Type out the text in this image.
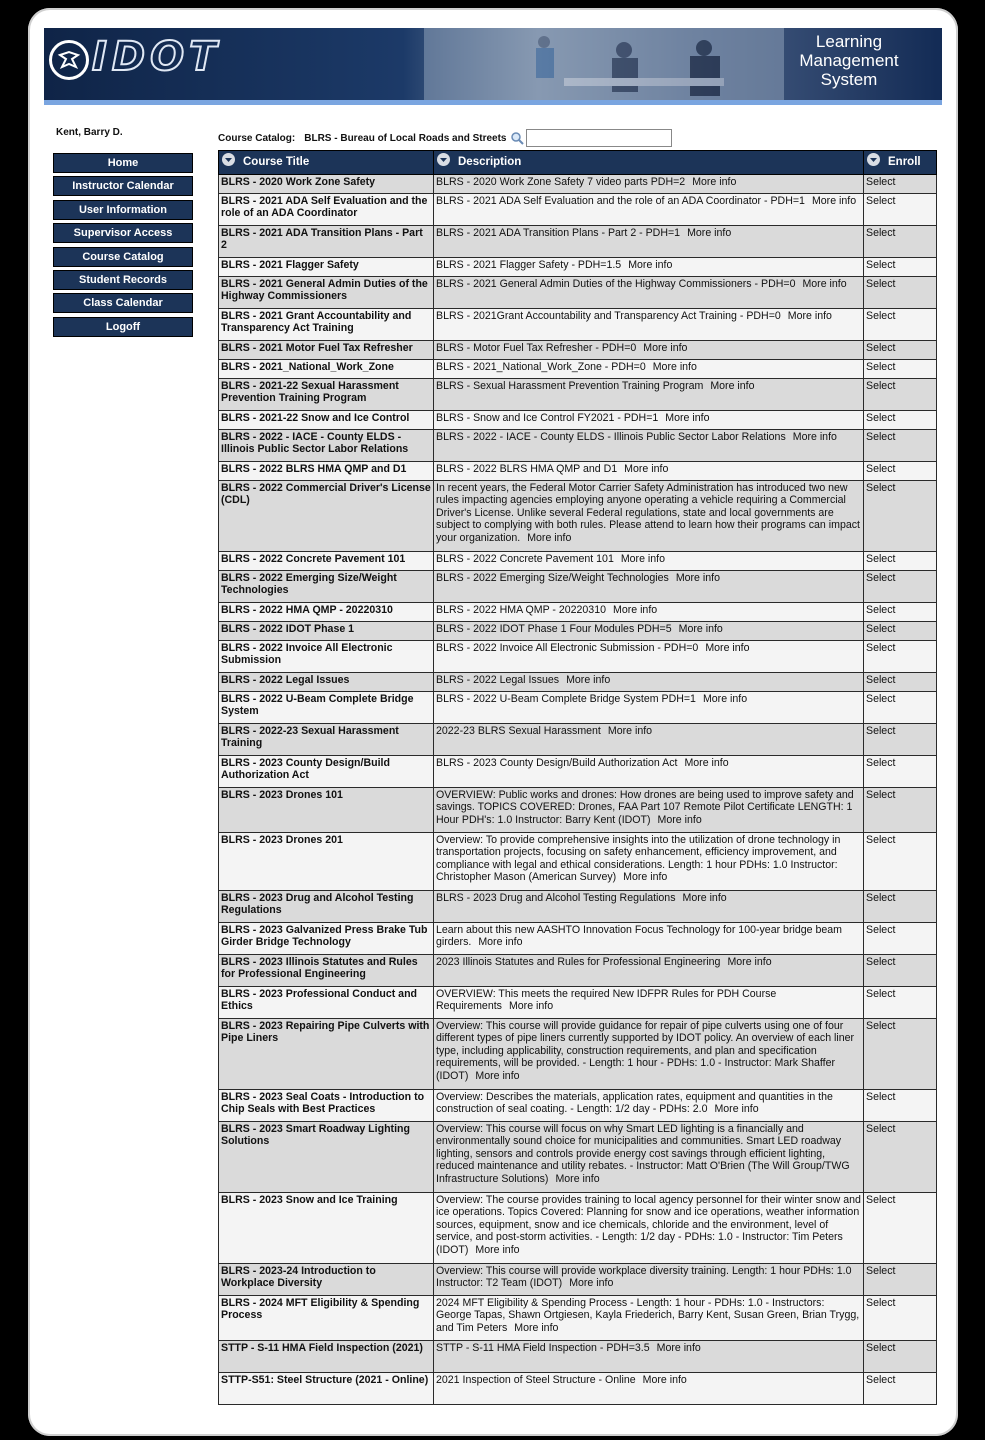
IDOT	Learning
Management
System
Kent, Barry D.
Home
Instructor Calendar
User Information
Supervisor Access
Course Catalog
Student Records
Class Calendar
Logoff
Course Catalog: BLRS - Bureau of Local Roads and Streets
Course Title	Description	Enroll

BLRS - 2020 Work Zone Safety	BLRS - 2020 Work Zone Safety 7 video parts PDH=2 More info	Select
BLRS - 2021 ADA Self Evaluation and the role of an ADA Coordinator	BLRS - 2021 ADA Self Evaluation and the role of an ADA Coordinator - PDH=1 More info	Select
BLRS - 2021 ADA Transition Plans - Part 2	BLRS - 2021 ADA Transition Plans - Part 2 - PDH=1 More info	Select
BLRS - 2021 Flagger Safety	BLRS - 2021 Flagger Safety - PDH=1.5 More info	Select
BLRS - 2021 General Admin Duties of the Highway Commissioners	BLRS - 2021 General Admin Duties of the Highway Commissioners - PDH=0 More info	Select
BLRS - 2021 Grant Accountability and Transparency Act Training	BLRS - 2021Grant Accountability and Transparency Act Training - PDH=0 More info	Select
BLRS - 2021 Motor Fuel Tax Refresher	BLRS - Motor Fuel Tax Refresher - PDH=0 More info	Select
BLRS - 2021_National_Work_Zone	BLRS - 2021_National_Work_Zone - PDH=0 More info	Select
BLRS - 2021-22 Sexual Harassment Prevention Training Program	BLRS - Sexual Harassment Prevention Training Program More info	Select
BLRS - 2021-22 Snow and Ice Control	BLRS - Snow and Ice Control FY2021 - PDH=1 More info	Select
BLRS - 2022 - IACE - County ELDS - Illinois Public Sector Labor Relations	BLRS - 2022 - IACE - County ELDS - Illinois Public Sector Labor Relations More info	Select
BLRS - 2022 BLRS HMA QMP and D1	BLRS - 2022 BLRS HMA QMP and D1 More info	Select
BLRS - 2022 Commercial Driver's License (CDL)	In recent years, the Federal Motor Carrier Safety Administration has introduced two new rules impacting agencies employing anyone operating a vehicle requiring a Commercial Driver's License. Unlike several Federal regulations, state and local governments are subject to complying with both rules. Please attend to learn how their programs can impact your organization. More info	Select
BLRS - 2022 Concrete Pavement 101	BLRS - 2022 Concrete Pavement 101 More info	Select
BLRS - 2022 Emerging Size/Weight Technologies	BLRS - 2022 Emerging Size/Weight Technologies More info	Select
BLRS - 2022 HMA QMP - 20220310	BLRS - 2022 HMA QMP - 20220310 More info	Select
BLRS - 2022 IDOT Phase 1	BLRS - 2022 IDOT Phase 1 Four Modules PDH=5 More info	Select
BLRS - 2022 Invoice All Electronic Submission	BLRS - 2022 Invoice All Electronic Submission - PDH=0 More info	Select
BLRS - 2022 Legal Issues	BLRS - 2022 Legal Issues More info	Select
BLRS - 2022 U-Beam Complete Bridge System	BLRS - 2022 U-Beam Complete Bridge System PDH=1 More info	Select
BLRS - 2022-23 Sexual Harassment Training	2022-23 BLRS Sexual Harassment More info	Select
BLRS - 2023 County Design/Build Authorization Act	BLRS - 2023 County Design/Build Authorization Act More info	Select
BLRS - 2023 Drones 101	OVERVIEW: Public works and drones: How drones are being used to improve safety and savings. TOPICS COVERED: Drones, FAA Part 107 Remote Pilot Certificate LENGTH: 1 Hour PDH's: 1.0 Instructor: Barry Kent (IDOT) More info	Select
BLRS - 2023 Drones 201	Overview: To provide comprehensive insights into the utilization of drone technology in transportation projects, focusing on safety enhancement, efficiency improvement, and compliance with legal and ethical considerations. Length: 1 hour PDHs: 1.0 Instructor: Christopher Mason (American Survey) More info	Select
BLRS - 2023 Drug and Alcohol Testing Regulations	BLRS - 2023 Drug and Alcohol Testing Regulations More info	Select
BLRS - 2023 Galvanized Press Brake Tub Girder Bridge Technology	Learn about this new AASHTO Innovation Focus Technology for 100-year bridge beam girders. More info	Select
BLRS - 2023 Illinois Statutes and Rules for Professional Engineering	2023 Illinois Statutes and Rules for Professional Engineering More info	Select
BLRS - 2023 Professional Conduct and Ethics	OVERVIEW: This meets the required New IDFPR Rules for PDH Course Requirements More info	Select
BLRS - 2023 Repairing Pipe Culverts with Pipe Liners	Overview: This course will provide guidance for repair of pipe culverts using one of four different types of pipe liners currently supported by IDOT policy. An overview of each liner type, including applicability, construction requirements, and plan and specification requirements, will be provided. - Length: 1 hour - PDHs: 1.0 - Instructor: Mark Shaffer (IDOT) More info	Select
BLRS - 2023 Seal Coats - Introduction to Chip Seals with Best Practices	Overview: Describes the materials, application rates, equipment and quantities in the construction of seal coating. - Length: 1/2 day - PDHs: 2.0 More info	Select
BLRS - 2023 Smart Roadway Lighting Solutions	Overview: This course will focus on why Smart LED lighting is a financially and environmentally sound choice for municipalities and communities. Smart LED roadway lighting, sensors and controls provide energy cost savings through efficient lighting, reduced maintenance and utility rebates. - Instructor: Matt O'Brien (The Will Group/TWG Infrastructure Solutions) More info	Select
BLRS - 2023 Snow and Ice Training	Overview: The course provides training to local agency personnel for their winter snow and ice operations. Topics Covered: Planning for snow and ice operations, weather information sources, equipment, snow and ice chemicals, chloride and the environment, level of service, and post-storm activities. - Length: 1/2 day - PDHs: 1.0 - Instructor: Tim Peters (IDOT) More info	Select
BLRS - 2023-24 Introduction to Workplace Diversity	Overview: This course will provide workplace diversity training. Length: 1 hour PDHs: 1.0 Instructor: T2 Team (IDOT) More info	Select
BLRS - 2024 MFT Eligibility & Spending Process	2024 MFT Eligibility & Spending Process - Length: 1 hour - PDHs: 1.0 - Instructors: George Tapas, Shawn Ortgiesen, Kayla Friederich, Barry Kent, Susan Green, Brian Trygg, and Tim Peters More info	Select
STTP - S-11 HMA Field Inspection (2021)	STTP - S-11 HMA Field Inspection - PDH=3.5 More info	Select
STTP-S51: Steel Structure (2021 - Online)	2021 Inspection of Steel Structure - Online More info	Select
